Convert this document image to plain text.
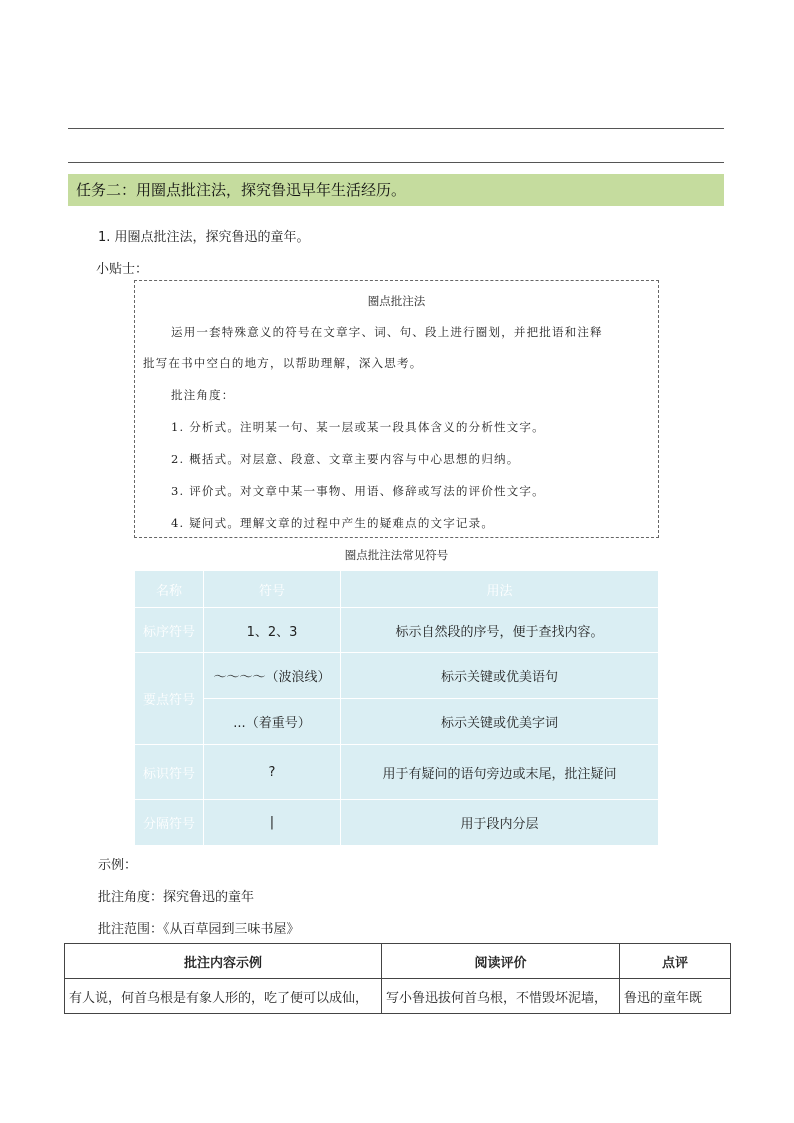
任务二：用圈点批注法，探究鲁迅早年生活经历。
1. 用圈点批注法，探究鲁迅的童年。
小贴士：
圈点批注法
运用一套特殊意义的符号在文章字、词、句、段上进行圈划，并把批语和注释
批写在书中空白的地方，以帮助理解，深入思考。
批注角度：
1. 分析式。注明某一句、某一层或某一段具体含义的分析性文字。
2. 概括式。对层意、段意、文章主要内容与中心思想的归纳。
3. 评价式。对文章中某一事物、用语、修辞或写法的评价性文字。
4. 疑问式。理解文章的过程中产生的疑难点的文字记录。
圈点批注法常见符号
名称	符号	用法
标序符号	1、2、3	标示自然段的序号，便于查找内容。
要点符号	～～～～（波浪线）	标示关键或优美语句
	...（着重号）	标示关键或优美字词
标识符号	?	用于有疑问的语句旁边或末尾，批注疑问
分隔符号	|	用于段内分层
示例：
批注角度：探究鲁迅的童年
批注范围：《从百草园到三味书屋》
批注内容示例	阅读评价	点评
有人说，何首乌根是有象人形的，吃了便可以成仙，	写小鲁迅拔何首乌根，不惜毁坏泥墙，	鲁迅的童年既
